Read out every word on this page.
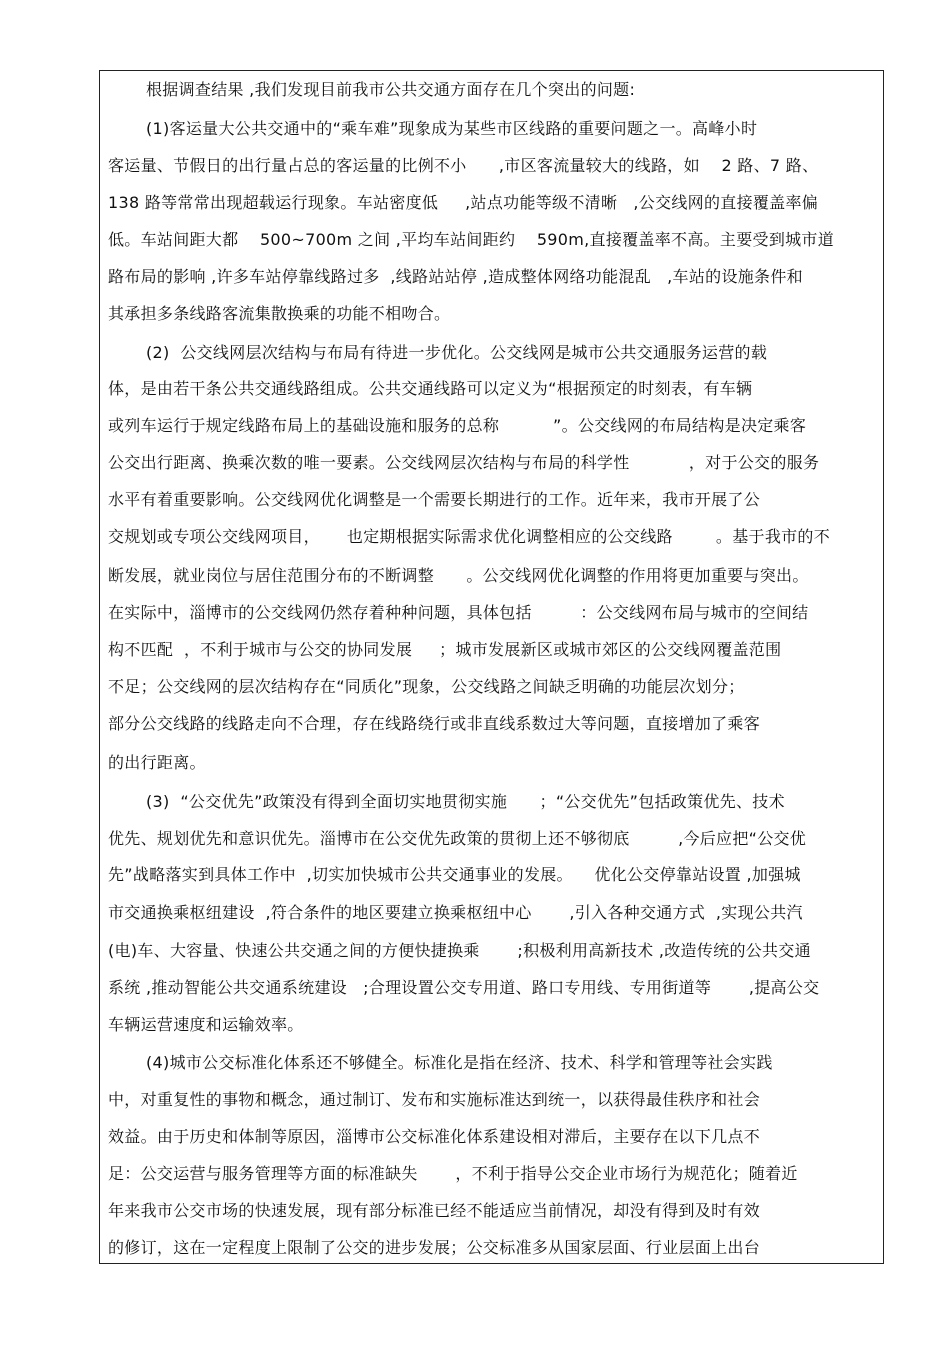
根据调查结果 ,我们发现目前我市公共交通方面存在几个突出的问题:

(1)客运量大公共交通中的“乘车难”现象成为某些市区线路的重要问题之一。高峰小时

客运量、节假日的出行量占总的客运量的比例不小      ,市区客流量较大的线路，如    2 路、7 路、

138 路等常常出现超载运行现象。车站密度低     ,站点功能等级不清晰   ,公交线网的直接覆盖率偏

低。车站间距大都    500~700m 之间 ,平均车站间距约    590m,直接覆盖率不高。主要受到城市道

路布局的影响 ,许多车站停靠线路过多  ,线路站站停 ,造成整体网络功能混乱   ,车站的设施条件和

其承担多条线路客流集散换乘的功能不相吻合。

(2)  公交线网层次结构与布局有待进一步优化。公交线网是城市公共交通服务运营的载

体，是由若干条公共交通线路组成。公共交通线路可以定义为“根据预定的时刻表，有车辆

或列车运行于规定线路布局上的基础设施和服务的总称          ”。公交线网的布局结构是决定乘客

公交出行距离、换乘次数的唯一要素。公交线网层次结构与布局的科学性           ，对于公交的服务

水平有着重要影响。公交线网优化调整是一个需要长期进行的工作。近年来，我市开展了公

交规划或专项公交线网项目，     也定期根据实际需求优化调整相应的公交线路        。基于我市的不

断发展，就业岗位与居住范围分布的不断调整      。公交线网优化调整的作用将更加重要与突出。

在实际中，淄博市的公交线网仍然存着种种问题，具体包括         ：公交线网布局与城市的空间结

构不匹配  ，不利于城市与公交的协同发展     ；城市发展新区或城市郊区的公交线网覆盖范围

不足；公交线网的层次结构存在“同质化”现象，公交线路之间缺乏明确的功能层次划分；

部分公交线路的线路走向不合理，存在线路绕行或非直线系数过大等问题，直接增加了乘客

的出行距离。

(3)  “公交优先”政策没有得到全面切实地贯彻实施      ；“公交优先”包括政策优先、技术

优先、规划优先和意识优先。淄博市在公交优先政策的贯彻上还不够彻底         ,今后应把“公交优

先”战略落实到具体工作中  ,切实加快城市公共交通事业的发展。    优化公交停靠站设置 ,加强城

市交通换乘枢纽建设  ,符合条件的地区要建立换乘枢纽中心       ,引入各种交通方式  ,实现公共汽

(电)车、大容量、快速公共交通之间的方便快捷换乘       ;积极利用高新技术 ,改造传统的公共交通

系统 ,推动智能公共交通系统建设   ;合理设置公交专用道、路口专用线、专用街道等       ,提高公交

车辆运营速度和运输效率。

(4)城市公交标准化体系还不够健全。标准化是指在经济、技术、科学和管理等社会实践

中，对重复性的事物和概念，通过制订、发布和实施标准达到统一，以获得最佳秩序和社会

效益。由于历史和体制等原因，淄博市公交标准化体系建设相对滞后，主要存在以下几点不

足：公交运营与服务管理等方面的标准缺失       ，不利于指导公交企业市场行为规范化；随着近

年来我市公交市场的快速发展，现有部分标准已经不能适应当前情况，却没有得到及时有效

的修订，这在一定程度上限制了公交的进步发展；公交标准多从国家层面、行业层面上出台
